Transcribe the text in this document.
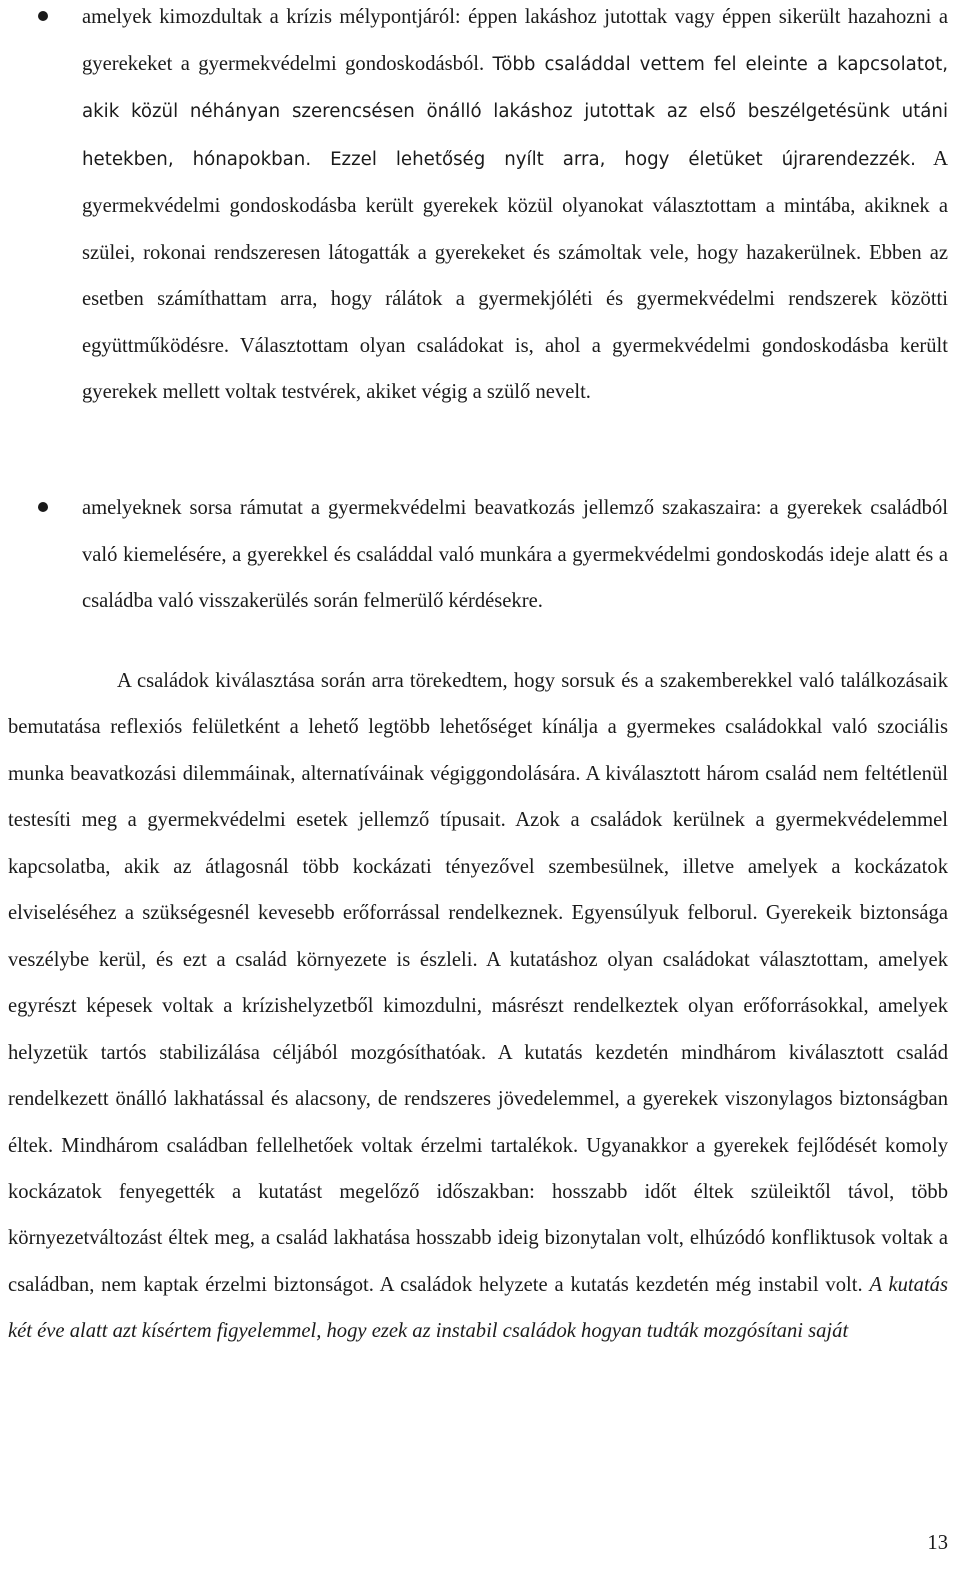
amelyek kimozdultak a krízis mélypontjáról: éppen lakáshoz jutottak vagy éppen sikerült hazahozni a gyerekeket a gyermekvédelmi gondoskodásból. Több családdal vettem fel eleinte a kapcsolatot, akik közül néhányan szerencsésen önálló lakáshoz jutottak az első beszélgetésünk utáni hetekben, hónapokban. Ezzel lehetőség nyílt arra, hogy életüket újrarendezzék. A gyermekvédelmi gondoskodásba került gyerekek közül olyanokat választottam a mintába, akiknek a szülei, rokonai rendszeresen látogatták a gyerekeket és számoltak vele, hogy hazakerülnek. Ebben az esetben számíthattam arra, hogy rálátok a gyermekjóléti és gyermekvédelmi rendszerek közötti együttműködésre. Választottam olyan családokat is, ahol a gyermekvédelmi gondoskodásba került gyerekek mellett voltak testvérek, akiket végig a szülő nevelt.
amelyeknek sorsa rámutat a gyermekvédelmi beavatkozás jellemző szakaszaira: a gyerekek családból való kiemelésére, a gyerekkel és családdal való munkára a gyermekvédelmi gondoskodás ideje alatt és a családba való visszakerülés során felmerülő kérdésekre.

A családok kiválasztása során arra törekedtem, hogy sorsuk és a szakemberekkel való találkozásaik bemutatása reflexiós felületként a lehető legtöbb lehetőséget kínálja a gyermekes családokkal való szociális munka beavatkozási dilemmáinak, alternatíváinak végiggondolására. A kiválasztott három család nem feltétlenül testesíti meg a gyermekvédelmi esetek jellemző típusait. Azok a családok kerülnek a gyermekvédelemmel kapcsolatba, akik az átlagosnál több kockázati tényezővel szembesülnek, illetve amelyek a kockázatok elviseléséhez a szükségesnél kevesebb erőforrással rendelkeznek. Egyensúlyuk felborul. Gyerekeik biztonsága veszélybe kerül, és ezt a család környezete is észleli. A kutatáshoz olyan családokat választottam, amelyek egyrészt képesek voltak a krízishelyzetből kimozdulni, másrészt rendelkeztek olyan erőforrásokkal, amelyek helyzetük tartós stabilizálása céljából mozgósíthatóak. A kutatás kezdetén mindhárom kiválasztott család rendelkezett önálló lakhatással és alacsony, de rendszeres jövedelemmel, a gyerekek viszonylagos biztonságban éltek. Mindhárom családban fellelhetőek voltak érzelmi tartalékok. Ugyanakkor a gyerekek fejlődését komoly kockázatok fenyegették a kutatást megelőző időszakban: hosszabb időt éltek szüleiktől távol, több környezetváltozást éltek meg, a család lakhatása hosszabb ideig bizonytalan volt, elhúzódó konfliktusok voltak a családban, nem kaptak érzelmi biztonságot. A családok helyzete a kutatás kezdetén még instabil volt. A kutatás két éve alatt azt kísértem figyelemmel, hogy ezek az instabil családok hogyan tudták mozgósítani saját

13
